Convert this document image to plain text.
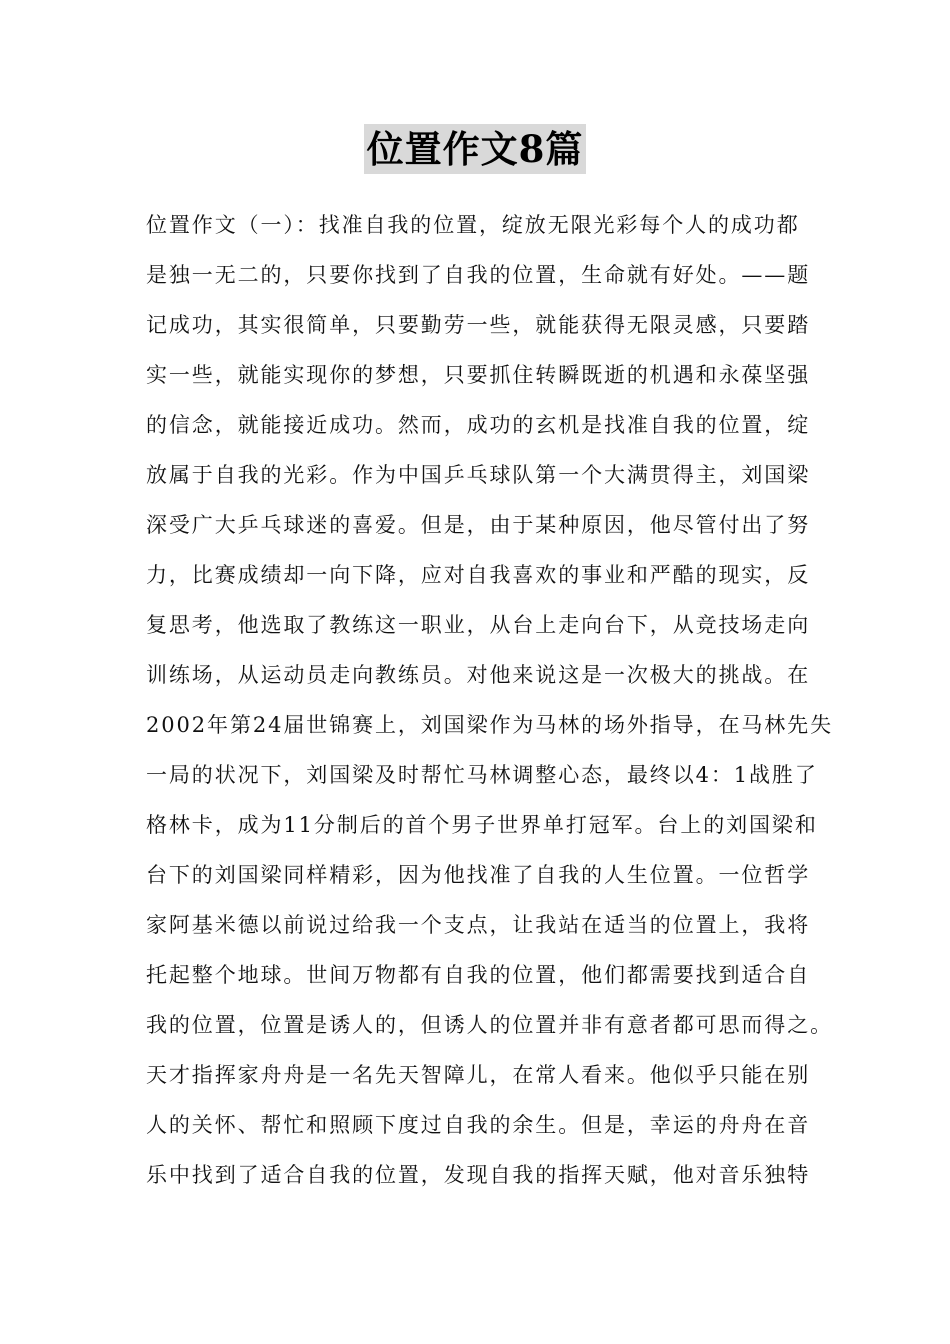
位置作文8篇
位置作文（一）：找准自我的位置，绽放无限光彩每个人的成功都
是独一无二的，只要你找到了自我的位置，生命就有好处。——题
记成功，其实很简单，只要勤劳一些，就能获得无限灵感，只要踏
实一些，就能实现你的梦想，只要抓住转瞬既逝的机遇和永葆坚强
的信念，就能接近成功。然而，成功的玄机是找准自我的位置，绽
放属于自我的光彩。作为中国乒乓球队第一个大满贯得主，刘国梁
深受广大乒乓球迷的喜爱。但是，由于某种原因，他尽管付出了努
力，比赛成绩却一向下降，应对自我喜欢的事业和严酷的现实，反
复思考，他选取了教练这一职业，从台上走向台下，从竞技场走向
训练场，从运动员走向教练员。对他来说这是一次极大的挑战。在
2002年第24届世锦赛上，刘国梁作为马林的场外指导，在马林先失
一局的状况下，刘国梁及时帮忙马林调整心态，最终以4：1战胜了
格林卡，成为11分制后的首个男子世界单打冠军。台上的刘国梁和
台下的刘国梁同样精彩，因为他找准了自我的人生位置。一位哲学
家阿基米德以前说过给我一个支点，让我站在适当的位置上，我将
托起整个地球。世间万物都有自我的位置，他们都需要找到适合自
我的位置，位置是诱人的，但诱人的位置并非有意者都可思而得之。
天才指挥家舟舟是一名先天智障儿，在常人看来。他似乎只能在别
人的关怀、帮忙和照顾下度过自我的余生。但是，幸运的舟舟在音
乐中找到了适合自我的位置，发现自我的指挥天赋，他对音乐独特
